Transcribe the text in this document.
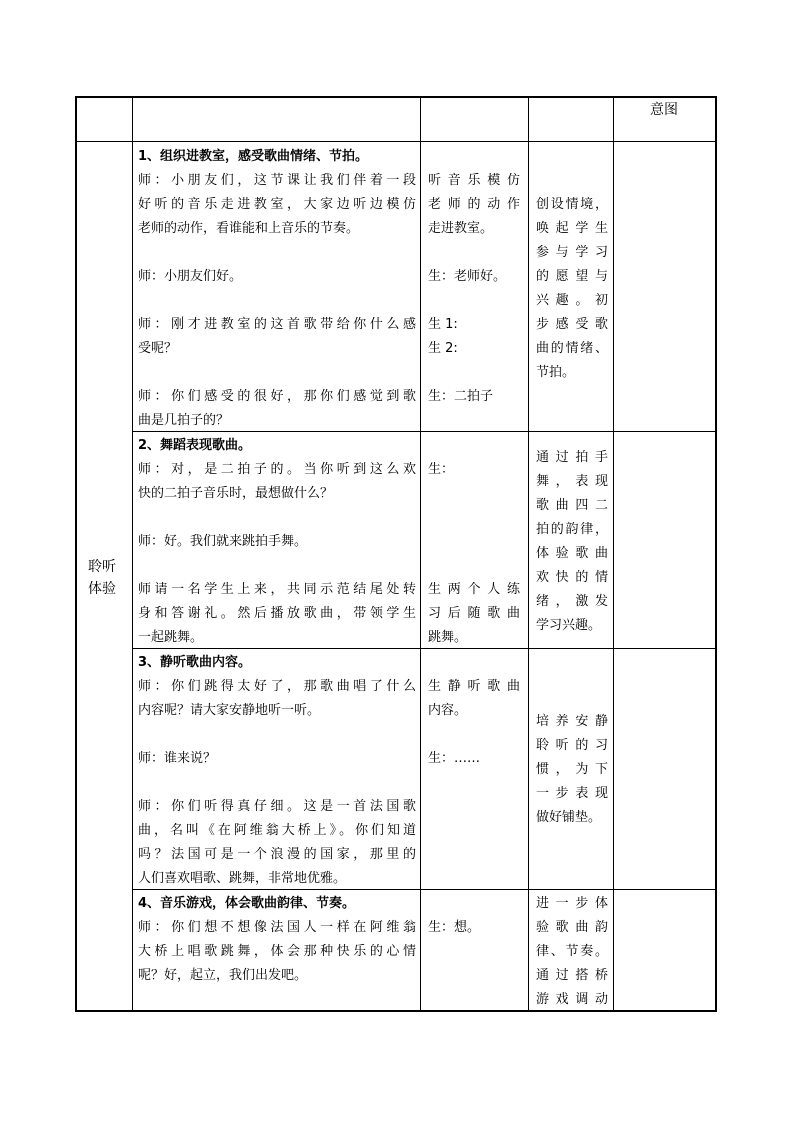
意图
聆听
体验
1、组织进教室，感受歌曲情绪、节拍。
师：小朋友们，这节课让我们伴着一段
好听的音乐走进教室，大家边听边模仿
老师的动作，看谁能和上音乐的节奏。
师：小朋友们好。
师：刚才进教室的这首歌带给你什么感
受呢？
师：你们感受的很好，那你们感觉到歌
曲是几拍子的？
听音乐模仿
老师的动作
走进教室。
生：老师好。
生 1:
生 2:
生：二拍子
创设情境，
唤起学生
参与学习
的愿望与
兴趣。初
步感受歌
曲的情绪、
节拍。
2、舞蹈表现歌曲。
师：对，是二拍子的。当你听到这么欢
快的二拍子音乐时，最想做什么？
师：好。我们就来跳拍手舞。
师请一名学生上来，共同示范结尾处转
身和答谢礼。然后播放歌曲，带领学生
一起跳舞。
生：
生两个人练
习后随歌曲
跳舞。
通过拍手
舞，表现
歌曲四二
拍的韵律，
体验歌曲
欢快的情
绪，激发
学习兴趣。
3、静听歌曲内容。
师：你们跳得太好了，那歌曲唱了什么
内容呢？请大家安静地听一听。
师：谁来说？
师：你们听得真仔细。这是一首法国歌
曲，名叫《在阿维翁大桥上》。你们知道
吗？法国可是一个浪漫的国家，那里的
人们喜欢唱歌、跳舞，非常地优雅。
生静听歌曲
内容。
生：……
培养安静
聆听的习
惯，为下
一步表现
做好铺垫。
4、音乐游戏，体会歌曲韵律、节奏。
师：你们想不想像法国人一样在阿维翁
大桥上唱歌跳舞，体会那种快乐的心情
呢？好，起立，我们出发吧。
生：想。
进一步体
验歌曲韵
律、节奏。
通过搭桥
游戏调动
